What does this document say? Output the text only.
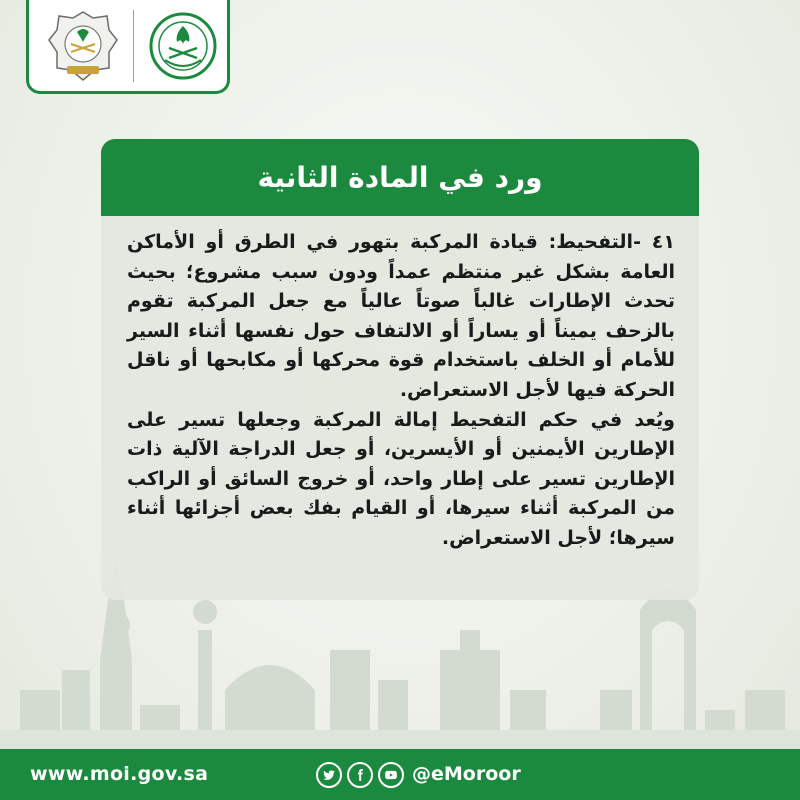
ورد في المادة الثانية
٤١ -التفحيط: قيادة المركبة بتهور في الطرق أو الأماكن العامة بشكل غير منتظم عمداً ودون سبب مشروع؛ بحيث تحدث الإطارات غالباً صوتاً عالياً مع جعل المركبة تقوم بالزحف يميناً أو يساراً أو الالتفاف حول نفسها أثناء السير للأمام أو الخلف باستخدام قوة محركها أو مكابحها أو ناقل الحركة فيها لأجل الاستعراض.
ويُعد في حكم التفحيط إمالة المركبة وجعلها تسير على الإطارين الأيمنين أو الأيسرين، أو جعل الدراجة الآلية ذات الإطارين تسير على إطار واحد، أو خروج السائق أو الراكب من المركبة أثناء سيرها، أو القيام بفك بعض أجزائها أثناء سيرها؛ لأجل الاستعراض.
www.moi.gov.sa	@eMoroor
